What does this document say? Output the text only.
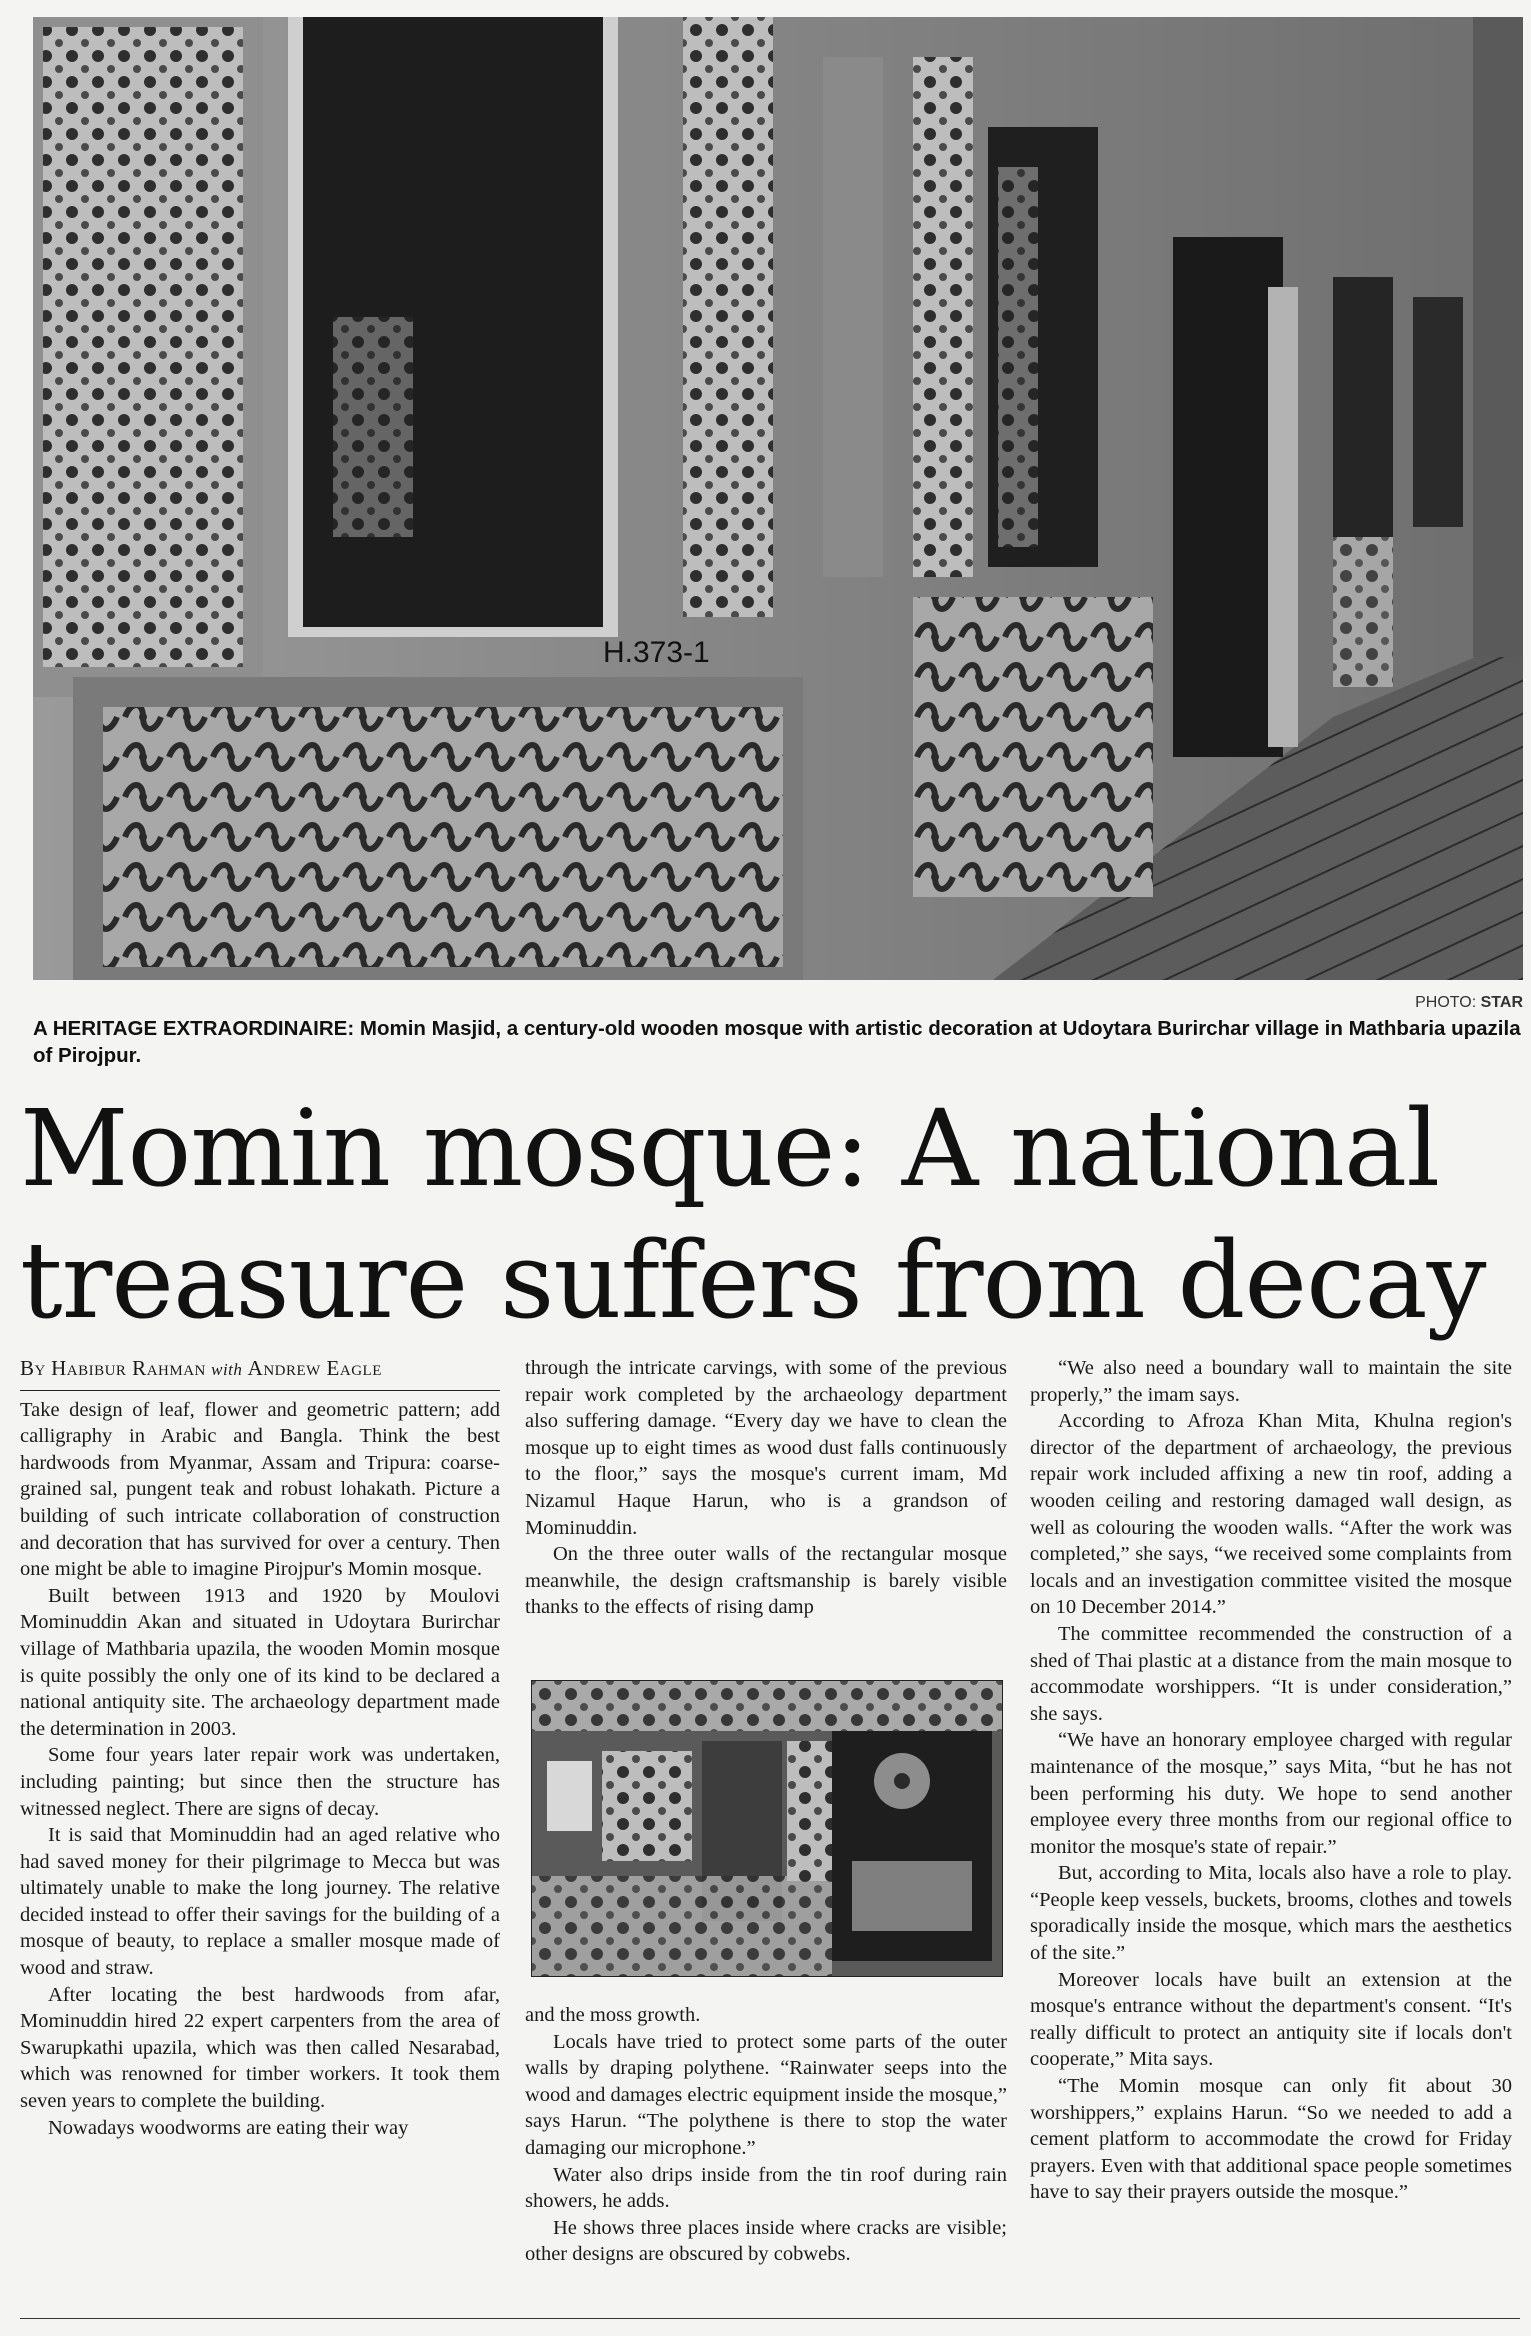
H.373-1
PHOTO: STAR
A HERITAGE EXTRAORDINAIRE: Momin Masjid, a century-old wooden mosque with artistic decoration at Udoytara Burirchar village in Mathbaria upazila of Pirojpur.
Momin mosque: A national treasure suffers from decay
By Habibur Rahman with Andrew Eagle

Take design of leaf, flower and geometric pattern; add calligraphy in Arabic and Bangla. Think the best hardwoods from Myanmar, Assam and Tripura: coarse-grained sal, pungent teak and robust lohakath. Picture a building of such intricate collaboration of construction and decoration that has survived for over a century. Then one might be able to imagine Pirojpur's Momin mosque.

Built between 1913 and 1920 by Moulovi Mominuddin Akan and situated in Udoytara Burirchar village of Mathbaria upazila, the wooden Momin mosque is quite possibly the only one of its kind to be declared a national antiquity site. The archaeology department made the determination in 2003.

Some four years later repair work was undertaken, including painting; but since then the structure has witnessed neglect. There are signs of decay.

It is said that Mominuddin had an aged relative who had saved money for their pilgrimage to Mecca but was ultimately unable to make the long journey. The relative decided instead to offer their savings for the building of a mosque of beauty, to replace a smaller mosque made of wood and straw.

After locating the best hardwoods from afar, Mominuddin hired 22 expert carpenters from the area of Swarupkathi upazila, which was then called Nesarabad, which was renowned for timber workers. It took them seven years to complete the building.

Nowadays woodworms are eating their way

through the intricate carvings, with some of the previous repair work completed by the archaeology department also suffering damage. “Every day we have to clean the mosque up to eight times as wood dust falls continuously to the floor,” says the mosque's current imam, Md Nizamul Haque Harun, who is a grandson of Mominuddin.

On the three outer walls of the rectangular mosque meanwhile, the design craftsmanship is barely visible thanks to the effects of rising damp

and the moss growth.

Locals have tried to protect some parts of the outer walls by draping polythene. “Rainwater seeps into the wood and damages electric equipment inside the mosque,” says Harun. “The polythene is there to stop the water damaging our microphone.”

Water also drips inside from the tin roof during rain showers, he adds.

He shows three places inside where cracks are visible; other designs are obscured by cobwebs.

“We also need a boundary wall to maintain the site properly,” the imam says.

According to Afroza Khan Mita, Khulna region's director of the department of archaeology, the previous repair work included affixing a new tin roof, adding a wooden ceiling and restoring damaged wall design, as well as colouring the wooden walls. “After the work was completed,” she says, “we received some complaints from locals and an investigation committee visited the mosque on 10 December 2014.”

The committee recommended the construction of a shed of Thai plastic at a distance from the main mosque to accommodate worshippers. “It is under consideration,” she says.

“We have an honorary employee charged with regular maintenance of the mosque,” says Mita, “but he has not been performing his duty. We hope to send another employee every three months from our regional office to monitor the mosque's state of repair.”

But, according to Mita, locals also have a role to play. “People keep vessels, buckets, brooms, clothes and towels sporadically inside the mosque, which mars the aesthetics of the site.”

Moreover locals have built an extension at the mosque's entrance without the department's consent. “It's really difficult to protect an antiquity site if locals don't cooperate,” Mita says.

“The Momin mosque can only fit about 30 worshippers,” explains Harun. “So we needed to add a cement platform to accommodate the crowd for Friday prayers. Even with that additional space people sometimes have to say their prayers outside the mosque.”
